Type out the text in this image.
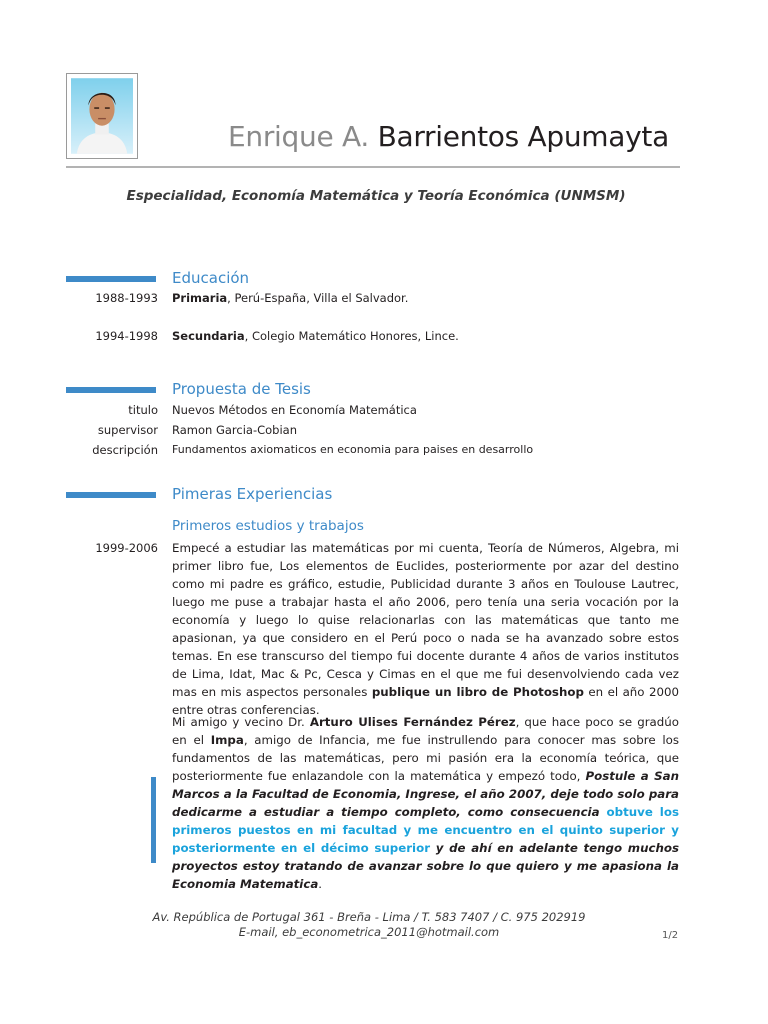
Enrique A. Barrientos Apumayta
Especialidad, Economía Matemática y Teoría Económica (UNMSM)
Educación
1988-1993 Primaria, Perú-España, Villa el Salvador.
1994-1998 Secundaria, Colegio Matemático Honores, Lince.
Propuesta de Tesis
titulo Nuevos Métodos en Economía Matemática
supervisor Ramon Garcia-Cobian
descripción Fundamentos axiomaticos en economia para paises en desarrollo
Pimeras Experiencias
Primeros estudios y trabajos
1999-2006 Empecé a estudiar las matemáticas por mi cuenta, Teoría de Números, Algebra, mi primer libro fue, Los elementos de Euclides, posteriormente por azar del destino como mi padre es gráfico, estudie, Publicidad durante 3 años en Toulouse Lautrec, luego me puse a trabajar hasta el año 2006, pero tenía una seria vocación por la economía y luego lo quise relacionarlas con las matemáticas que tanto me apasionan, ya que considero en el Perú poco o nada se ha avanzado sobre estos temas. En ese transcurso del tiempo fui docente durante 4 años de varios institutos de Lima, Idat, Mac & Pc, Cesca y Cimas en el que me fui desenvolviendo cada vez mas en mis aspectos personales publique un libro de Photoshop en el año 2000 entre otras conferencias.

Mi amigo y vecino Dr. Arturo Ulises Fernández Pérez, que hace poco se gradúo en el Impa, amigo de Infancia, me fue instrullendo para conocer mas sobre los fundamentos de las matemáticas, pero mi pasión era la economía teórica, que posteriormente fue enlazandole con la matemática y empezó todo, Postule a San Marcos a la Facultad de Economia, Ingrese, el año 2007, deje todo solo para dedicarme a estudiar a tiempo completo, como consecuencia obtuve los primeros puestos en mi facultad y me encuentro en el quinto superior y posteriormente en el décimo superior y de ahí en adelante tengo muchos proyectos estoy tratando de avanzar sobre lo que quiero y me apasiona la Economia Matematica.

Av. República de Portugal 361 - Breña - Lima / T. 583 7407 / C. 975 202919
E-mail, eb_econometrica_2011@hotmail.com	1/2
